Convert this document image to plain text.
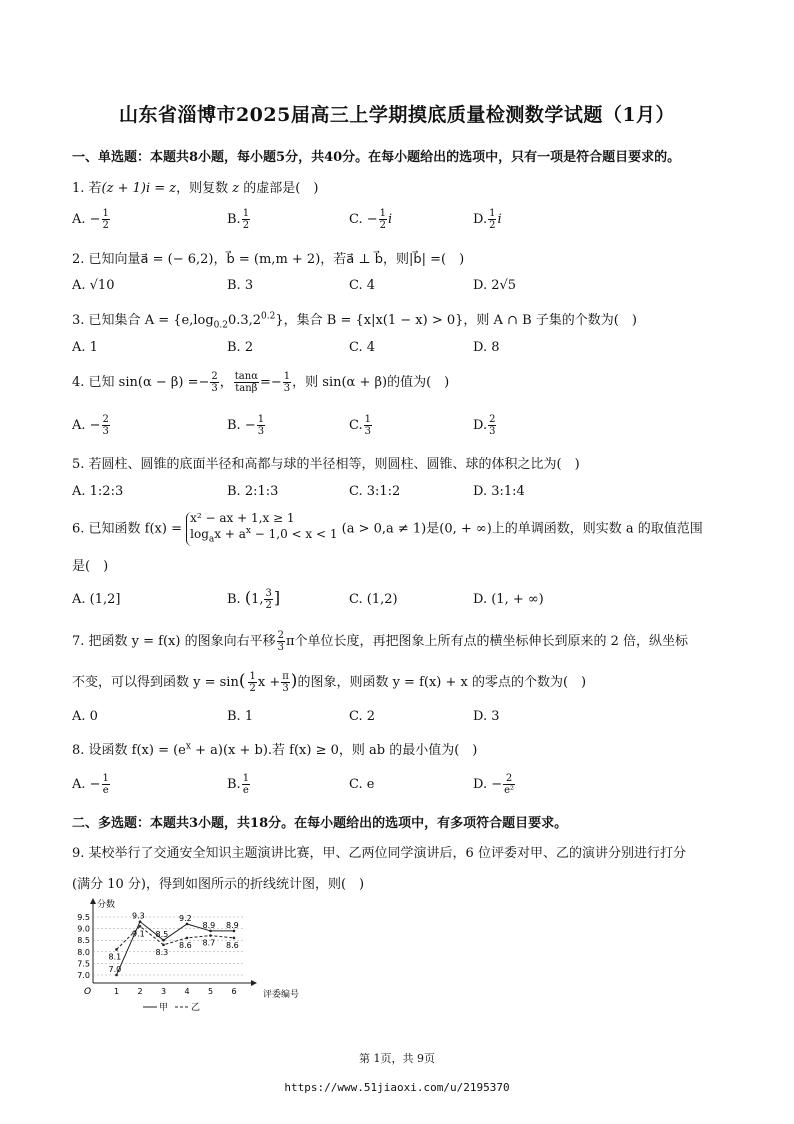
山东省淄博市2025届高三上学期摸底质量检测数学试题（1月）
一、单选题：本题共8小题，每小题5分，共40分。在每小题给出的选项中，只有一项是符合题目要求的。
1. 若(z + 1)i = z，则复数 z 的虚部是(　)
A. − $\frac{1}{2}$	B. $\frac{1}{2}$	C. − $\frac{1}{2}$ i	D. $\frac{1}{2}$ i
2. 已知向量a⃗ = (− 6,2)，b⃗ = (m,m + 2)，若a⃗ ⊥ b⃗，则|b⃗| =(　)
A. √10	B. 3	C. 4	D. 2√5
3. 已知集合 $A = \{e,\log_{0.2}0.3,2^{0.2}\}$，集合 B = {x|x(1 − x) > 0}，则 A ∩ B 子集的个数为(　)
A. 1	B. 2	C. 4	D. 8
4. 已知 $\sin(\alpha - \beta) =- \frac{2}{3}$ ， $\frac{\tan\alpha}{\tan\beta} =- \frac{1}{3}$ ，则 sin(α + β)的值为(　)
A. − $\frac{2}{3}$	B. − $\frac{1}{3}$	C. $\frac{1}{3}$	D. $\frac{2}{3}$
5. 若圆柱、圆锥的底面半径和高都与球的半径相等，则圆柱、圆锥、球的体积之比为(　)
A. 1:2:3	B. 2:1:3	C. 3:1:2	D. 3:1:4
6. 已知函数 f(x) =
x² − ax + 1,x ≥ 1
$\log_ax + a^x - 1,0 < x < 1$ (a > 0,a ≠ 1)是(0, + ∞)上的单调函数，则实数 a 的取值范围
是(　)
A. (1,2]	B. (1, $\frac{3}{2}$ ]	C. (1,2)	D. (1, + ∞)
7. 把函数 y = f(x) 的图象向右平移 $\frac{2}{3}$ π个单位长度，再把图象上所有点的横坐标伸长到原来的 2 倍，纵坐标
不变，可以得到函数 $y = \sin( \frac{1}{2}$ $x + \frac{\pi}{3}$ )的图象，则函数 y = f(x) + x 的零点的个数为(　)
A. 0	B. 1	C. 2	D. 3
8. 设函数 $f(x) = (e^x + a)(x + b)$.若 f(x) ≥ 0，则 ab 的最小值为(　)
A. − $\frac{1}{e}$	B. $\frac{1}{e}$	C. e	D. − $\frac{2}{\text{e²}}$
二、多选题：本题共3小题，共18分。在每小题给出的选项中，有多项符合题目要求。
9. 某校举行了交通安全知识主题演讲比赛，甲、乙两位同学演讲后，6 位评委对甲、乙的演讲分别进行打分
(满分 10 分)，得到如图所示的折线统计图，则(　)
分数
评委编号
O
7.0
7.5
8.0
8.5
9.0
9.5
1 2 3 4 5 6
7.0
9.3
8.5
9.2
8.9 8.9
8.1
9.1
8.3
8.6 8.7 8.6
甲	乙
第 1页，共 9页
https://www.51jiaoxi.com/u/2195370
